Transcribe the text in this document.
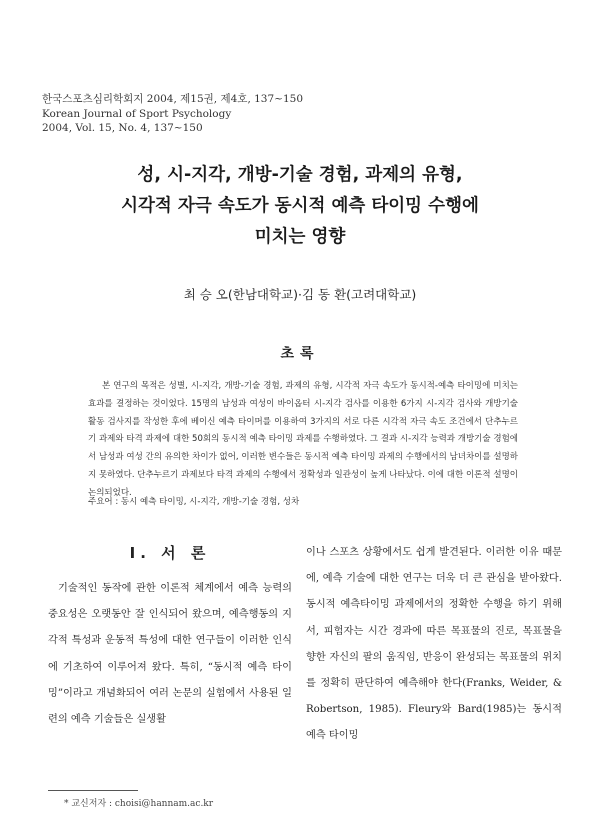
한국스포츠심리학회지 2004, 제15권, 제4호, 137~150
Korean Journal of Sport Psychology
2004, Vol. 15, No. 4, 137~150
성, 시-지각, 개방-기술 경험, 과제의 유형,
시각적 자극 속도가 동시적 예측 타이밍 수행에
미치는 영향
최 승 오(한남대학교)·김 동 환(고려대학교)
초록

본 연구의 목적은 성별, 시-지각, 개방-기술 경험, 과제의 유형, 시각적 자극 속도가 동시적-예측 타이밍에 미치는 효과를 결정하는 것이었다. 15명의 남성과 여성이 바이옵터 시-지각 검사를 이용한 6가지 시-지각 검사와 개방기술 활동 검사지를 작성한 후에 베이신 예측 타이머를 이용하여 3가지의 서로 다른 시각적 자극 속도 조건에서 단추누르기 과제와 타격 과제에 대한 50회의 동시적 예측 타이밍 과제를 수행하였다. 그 결과 시-지각 능력과 개방기술 경험에서 남성과 여성 간의 유의한 차이가 없어, 이러한 변수들은 동시적 예측 타이밍 과제의 수행에서의 남녀차이를 설명하지 못하였다. 단추누르기 과제보다 타격 과제의 수행에서 정확성과 일관성이 높게 나타났다. 이에 대한 이론적 설명이 논의되었다.

주요어 : 동시 예측 타이밍, 시-지각, 개방-기술 경험, 성차
I. 서 론

기술적인 동작에 관한 이론적 체계에서 예측 능력의 중요성은 오랫동안 잘 인식되어 왔으며, 예측행동의 지각적 특성과 운동적 특성에 대한 연구들이 이러한 인식에 기초하여 이루어져 왔다. 특히, “동시적 예측 타이밍”이라고 개념화되어 여러 논문의 실험에서 사용된 일련의 예측 기술들은 실생활

이나 스포츠 상황에서도 쉽게 발견된다. 이러한 이유 때문에, 예측 기술에 대한 연구는 더욱 더 큰 관심을 받아왔다. 동시적 예측타이밍 과제에서의 정확한 수행을 하기 위해서, 피험자는 시간 경과에 따른 목표물의 진로, 목표물을 향한 자신의 팔의 움직임, 반응이 완성되는 목표물의 위치를 정확히 판단하여 예측해야 한다(Franks, Weider, & Robertson, 1985). Fleury와 Bard(1985)는 동시적 예측 타이밍

* 교신저자 : choisi@hannam.ac.kr
